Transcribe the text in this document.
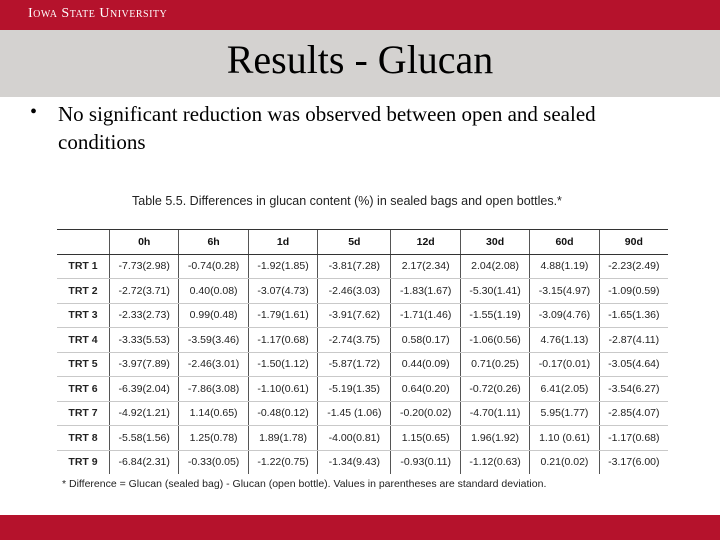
Iowa State University
Results - Glucan
• No significant reduction was observed between open and sealed conditions
Table 5.5. Differences in glucan content (%) in sealed bags and open bottles.*
	0h	6h	1d	5d	12d	30d	60d	90d
TRT 1	-7.73(2.98)	-0.74(0.28)	-1.92(1.85)	-3.81(7.28)	2.17(2.34)	2.04(2.08)	4.88(1.19)	-2.23(2.49)
TRT 2	-2.72(3.71)	0.40(0.08)	-3.07(4.73)	-2.46(3.03)	-1.83(1.67)	-5.30(1.41)	-3.15(4.97)	-1.09(0.59)
TRT 3	-2.33(2.73)	0.99(0.48)	-1.79(1.61)	-3.91(7.62)	-1.71(1.46)	-1.55(1.19)	-3.09(4.76)	-1.65(1.36)
TRT 4	-3.33(5.53)	-3.59(3.46)	-1.17(0.68)	-2.74(3.75)	0.58(0.17)	-1.06(0.56)	4.76(1.13)	-2.87(4.11)
TRT 5	-3.97(7.89)	-2.46(3.01)	-1.50(1.12)	-5.87(1.72)	0.44(0.09)	0.71(0.25)	-0.17(0.01)	-3.05(4.64)
TRT 6	-6.39(2.04)	-7.86(3.08)	-1.10(0.61)	-5.19(1.35)	0.64(0.20)	-0.72(0.26)	6.41(2.05)	-3.54(6.27)
TRT 7	-4.92(1.21)	1.14(0.65)	-0.48(0.12)	-1.45 (1.06)	-0.20(0.02)	-4.70(1.11)	5.95(1.77)	-2.85(4.07)
TRT 8	-5.58(1.56)	1.25(0.78)	1.89(1.78)	-4.00(0.81)	1.15(0.65)	1.96(1.92)	1.10 (0.61)	-1.17(0.68)
TRT 9	-6.84(2.31)	-0.33(0.05)	-1.22(0.75)	-1.34(9.43)	-0.93(0.11)	-1.12(0.63)	0.21(0.02)	-3.17(6.00)
* Difference = Glucan (sealed bag) - Glucan (open bottle). Values in parentheses are standard deviation.
